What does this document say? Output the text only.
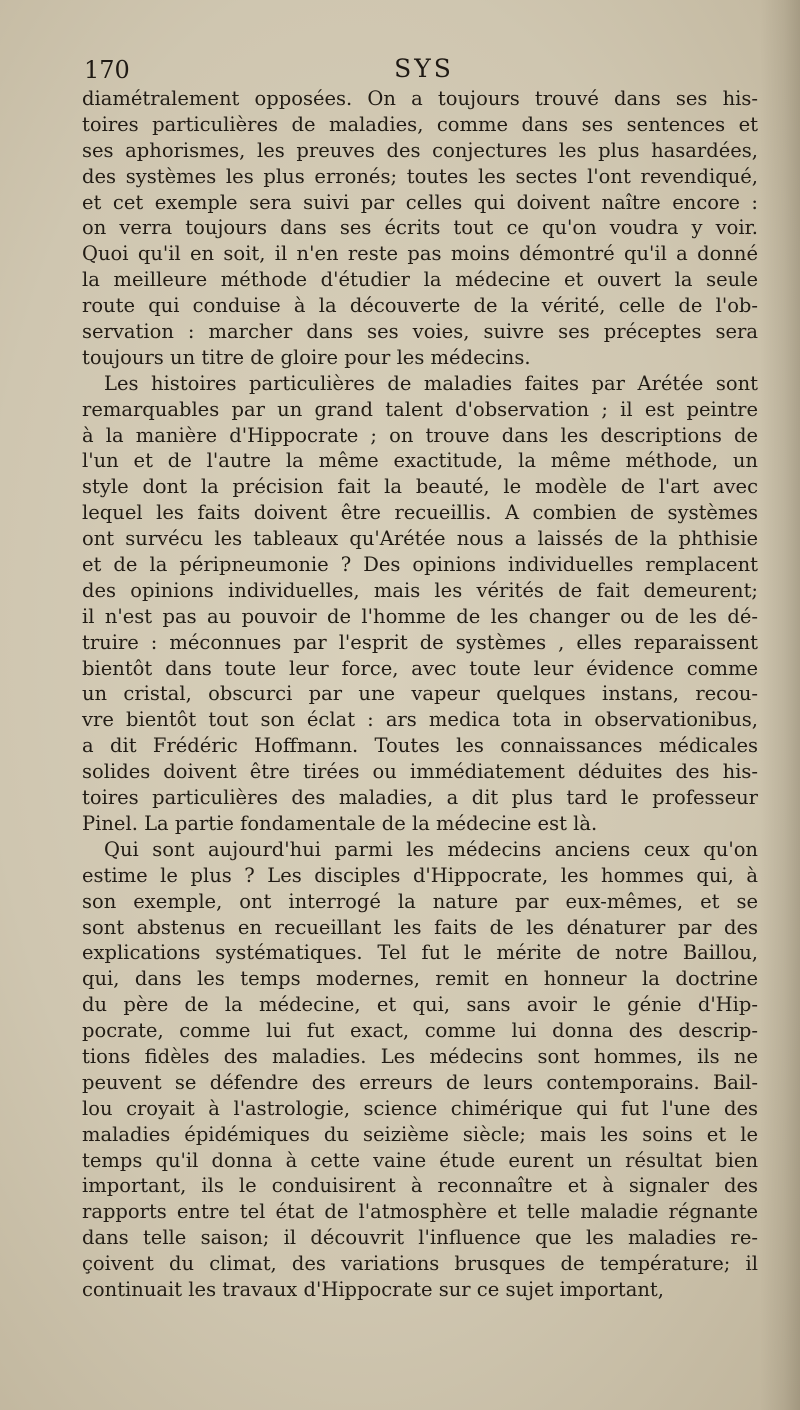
170	SYS
diamétralement opposées. On a toujours trouvé dans ses his-
toires particulières de maladies, comme dans ses sentences et
ses aphorismes, les preuves des conjectures les plus hasardées,
des systèmes les plus erronés; toutes les sectes l'ont revendiqué,
et cet exemple sera suivi par celles qui doivent naître encore :
on verra toujours dans ses écrits tout ce qu'on voudra y voir.
Quoi qu'il en soit, il n'en reste pas moins démontré qu'il a donné
la meilleure méthode d'étudier la médecine et ouvert la seule
route qui conduise à la découverte de la vérité, celle de l'ob-
servation : marcher dans ses voies, suivre ses préceptes sera
toujours un titre de gloire pour les médecins.
Les histoires particulières de maladies faites par Arétée sont
remarquables par un grand talent d'observation ; il est peintre
à la manière d'Hippocrate ; on trouve dans les descriptions de
l'un et de l'autre la même exactitude, la même méthode, un
style dont la précision fait la beauté, le modèle de l'art avec
lequel les faits doivent être recueillis. A combien de systèmes
ont survécu les tableaux qu'Arétée nous a laissés de la phthisie
et de la péripneumonie ? Des opinions individuelles remplacent
des opinions individuelles, mais les vérités de fait demeurent;
il n'est pas au pouvoir de l'homme de les changer ou de les dé-
truire : méconnues par l'esprit de systèmes , elles reparaissent
bientôt dans toute leur force, avec toute leur évidence comme
un cristal, obscurci par une vapeur quelques instans, recou-
vre bientôt tout son éclat : ars medica tota in observationibus,
a dit Frédéric Hoffmann. Toutes les connaissances médicales
solides doivent être tirées ou immédiatement déduites des his-
toires particulières des maladies, a dit plus tard le professeur
Pinel. La partie fondamentale de la médecine est là.
Qui sont aujourd'hui parmi les médecins anciens ceux qu'on
estime le plus ? Les disciples d'Hippocrate, les hommes qui, à
son exemple, ont interrogé la nature par eux-mêmes, et se
sont abstenus en recueillant les faits de les dénaturer par des
explications systématiques. Tel fut le mérite de notre Baillou,
qui, dans les temps modernes, remit en honneur la doctrine
du père de la médecine, et qui, sans avoir le génie d'Hip-
pocrate, comme lui fut exact, comme lui donna des descrip-
tions fidèles des maladies. Les médecins sont hommes, ils ne
peuvent se défendre des erreurs de leurs contemporains. Bail-
lou croyait à l'astrologie, science chimérique qui fut l'une des
maladies épidémiques du seizième siècle; mais les soins et le
temps qu'il donna à cette vaine étude eurent un résultat bien
important, ils le conduisirent à reconnaître et à signaler des
rapports entre tel état de l'atmosphère et telle maladie régnante
dans telle saison; il découvrit l'influence que les maladies re-
çoivent du climat, des variations brusques de température; il
continuait les travaux d'Hippocrate sur ce sujet important,
